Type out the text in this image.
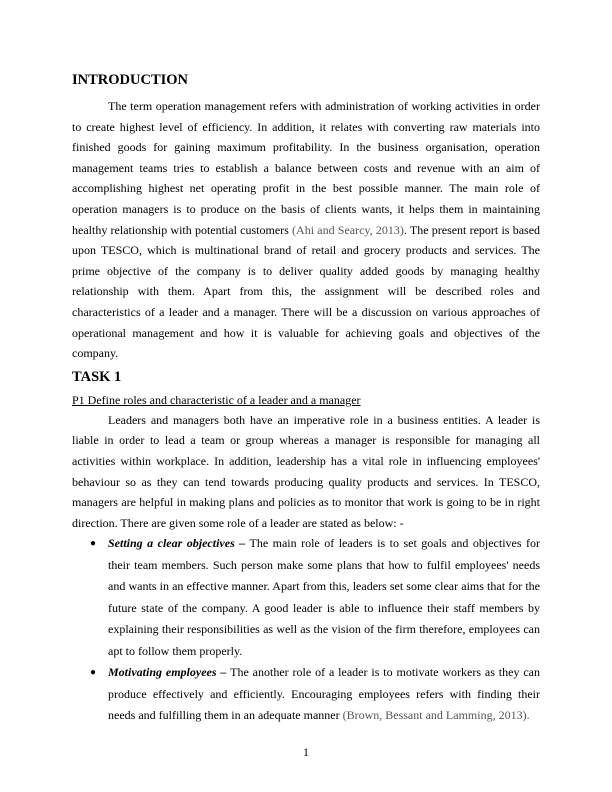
INTRODUCTION

The term operation management refers with administration of working activities in order to create highest level of efficiency. In addition, it relates with converting raw materials into finished goods for gaining maximum profitability. In the business organisation, operation management teams tries to establish a balance between costs and revenue with an aim of accomplishing highest net operating profit in the best possible manner. The main role of operation managers is to produce on the basis of clients wants, it helps them in maintaining healthy relationship with potential customers (Ahi and Searcy, 2013). The present report is based upon TESCO, which is multinational brand of retail and grocery products and services. The prime objective of the company is to deliver quality added goods by managing healthy relationship with them. Apart from this, the assignment will be described roles and characteristics of a leader and a manager. There will be a discussion on various approaches of operational management and how it is valuable for achieving goals and objectives of the company.

TASK 1
P1 Define roles and characteristic of a leader and a manager

Leaders and managers both have an imperative role in a business entities. A leader is liable in order to lead a team or group whereas a manager is responsible for managing all activities within workplace. In addition, leadership has a vital role in influencing employees' behaviour so as they can tend towards producing quality products and services. In TESCO, managers are helpful in making plans and policies as to monitor that work is going to be in right direction. There are given some role of a leader are stated as below: -

● Setting a clear objectives – The main role of leaders is to set goals and objectives for their team members. Such person make some plans that how to fulfil employees' needs and wants in an effective manner. Apart from this, leaders set some clear aims that for the future state of the company. A good leader is able to influence their staff members by explaining their responsibilities as well as the vision of the firm therefore, employees can apt to follow them properly.
● Motivating employees – The another role of a leader is to motivate workers as they can produce effectively and efficiently. Encouraging employees refers with finding their needs and fulfilling them in an adequate manner (Brown, Bessant and Lamming, 2013).
1
